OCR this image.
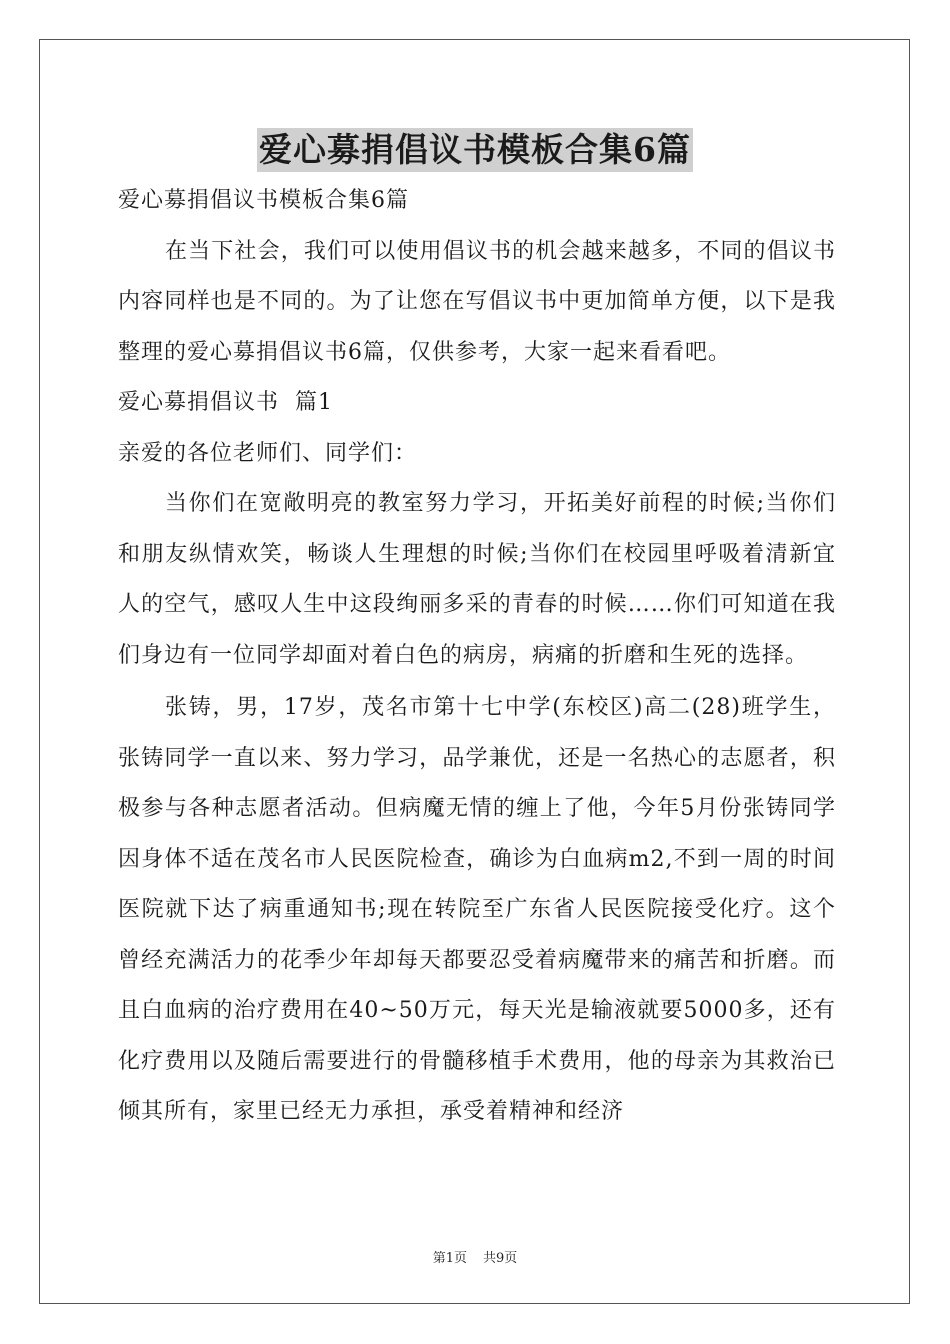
爱心募捐倡议书模板合集6篇

爱心募捐倡议书模板合集6篇

在当下社会，我们可以使用倡议书的机会越来越多，不同的倡议书内容同样也是不同的。为了让您在写倡议书中更加简单方便，以下是我整理的爱心募捐倡议书6篇，仅供参考，大家一起来看看吧。

爱心募捐倡议书  篇1

亲爱的各位老师们、同学们：

当你们在宽敞明亮的教室努力学习，开拓美好前程的时候;当你们和朋友纵情欢笑，畅谈人生理想的时候;当你们在校园里呼吸着清新宜人的空气，感叹人生中这段绚丽多采的青春的时候……你们可知道在我们身边有一位同学却面对着白色的病房，病痛的折磨和生死的选择。

张铸，男，17岁，茂名市第十七中学(东校区)高二(28)班学生，张铸同学一直以来、努力学习，品学兼优，还是一名热心的志愿者，积极参与各种志愿者活动。但病魔无情的缠上了他，今年5月份张铸同学因身体不适在茂名市人民医院检查，确诊为白血病m2,不到一周的时间医院就下达了病重通知书;现在转院至广东省人民医院接受化疗。这个曾经充满活力的花季少年却每天都要忍受着病魔带来的痛苦和折磨。而且白血病的治疗费用在40~50万元，每天光是输液就要5000多，还有化疗费用以及随后需要进行的骨髓移植手术费用，他的母亲为其救治已倾其所有，家里已经无力承担，承受着精神和经济

第1页 共9页
